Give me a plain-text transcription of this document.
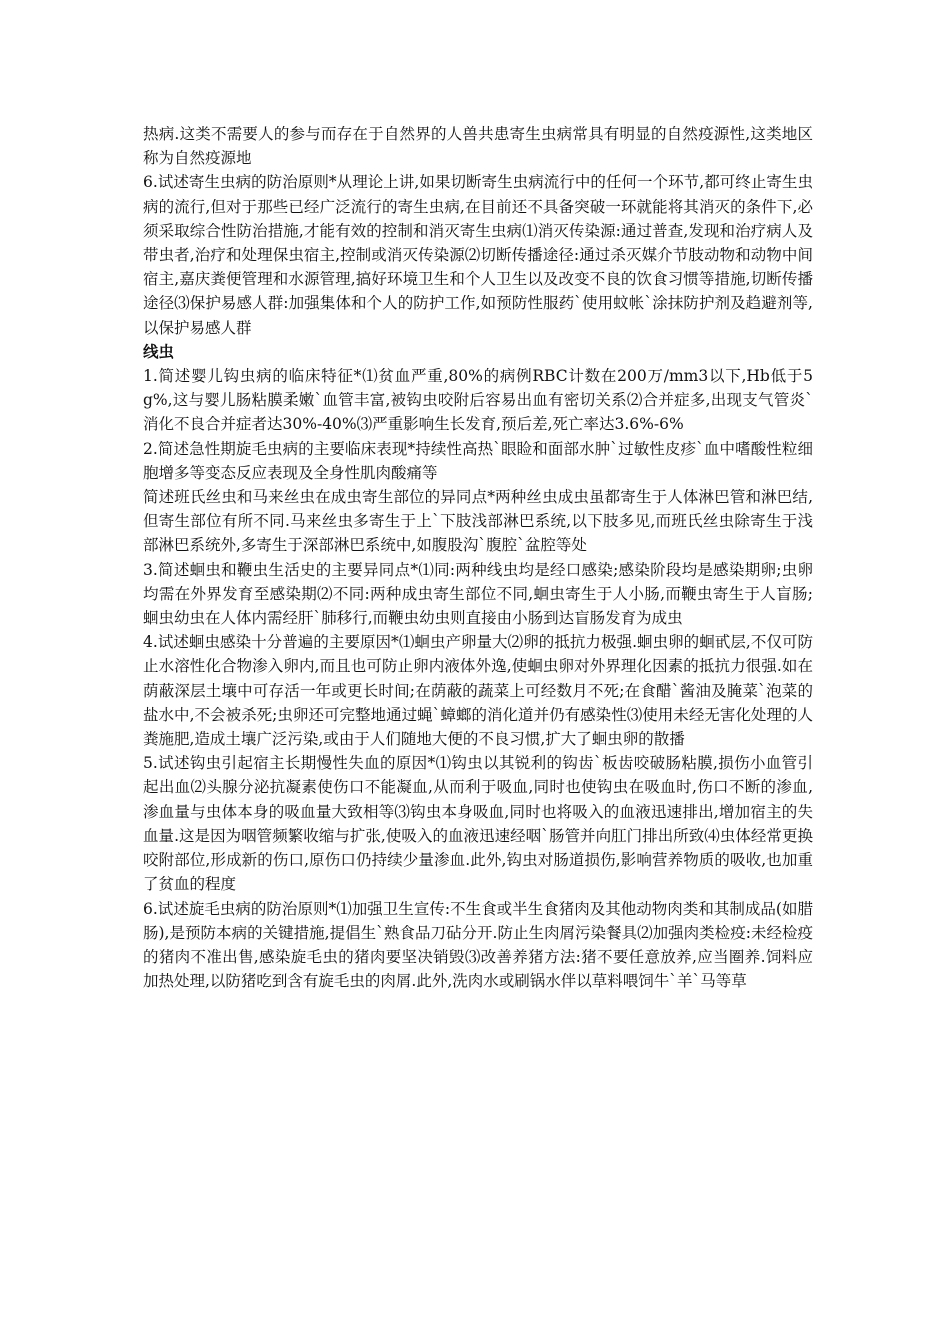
热病.这类不需要人的参与而存在于自然界的人兽共患寄生虫病常具有明显的自然疫源性,这类地区称为自然疫源地

6.试述寄生虫病的防治原则*从理论上讲,如果切断寄生虫病流行中的任何一个环节,都可终止寄生虫病的流行,但对于那些已经广泛流行的寄生虫病,在目前还不具备突破一环就能将其消灭的条件下,必须采取综合性防治措施,才能有效的控制和消灭寄生虫病⑴消灭传染源:通过普查,发现和治疗病人及带虫者,治疗和处理保虫宿主,控制或消灭传染源⑵切断传播途径:通过杀灭媒介节肢动物和动物中间宿主,嘉庆粪便管理和水源管理,搞好环境卫生和个人卫生以及改变不良的饮食习惯等措施,切断传播途径⑶保护易感人群:加强集体和个人的防护工作,如预防性服药`使用蚊帐`涂抹防护剂及趋避剂等,以保护易感人群

线虫

1.简述婴儿钩虫病的临床特征*⑴贫血严重,80%的病例RBC计数在200万/mm3以下,Hb低于5g%,这与婴儿肠粘膜柔嫩`血管丰富,被钩虫咬附后容易出血有密切关系⑵合并症多,出现支气管炎`消化不良合并症者达30%-40%⑶严重影响生长发育,预后差,死亡率达3.6%-6%

2.简述急性期旋毛虫病的主要临床表现*持续性高热`眼睑和面部水肿`过敏性皮疹`血中嗜酸性粒细胞增多等变态反应表现及全身性肌肉酸痛等

简述班氏丝虫和马来丝虫在成虫寄生部位的异同点*两种丝虫成虫虽都寄生于人体淋巴管和淋巴结,但寄生部位有所不同.马来丝虫多寄生于上`下肢浅部淋巴系统,以下肢多见,而班氏丝虫除寄生于浅部淋巴系统外,多寄生于深部淋巴系统中,如腹股沟`腹腔`盆腔等处

3.简述蛔虫和鞭虫生活史的主要异同点*⑴同:两种线虫均是经口感染;感染阶段均是感染期卵;虫卵均需在外界发育至感染期⑵不同:两种成虫寄生部位不同,蛔虫寄生于人小肠,而鞭虫寄生于人盲肠;蛔虫幼虫在人体内需经肝`肺移行,而鞭虫幼虫则直接由小肠到达盲肠发育为成虫

4.试述蛔虫感染十分普遍的主要原因*⑴蛔虫产卵量大⑵卵的抵抗力极强.蛔虫卵的蛔甙层,不仅可防止水溶性化合物渗入卵内,而且也可防止卵内液体外逸,使蛔虫卵对外界理化因素的抵抗力很强.如在荫蔽深层土壤中可存活一年或更长时间;在荫蔽的蔬菜上可经数月不死;在食醋`酱油及腌菜`泡菜的盐水中,不会被杀死;虫卵还可完整地通过蝇`蟑螂的消化道并仍有感染性⑶使用未经无害化处理的人粪施肥,造成土壤广泛污染,或由于人们随地大便的不良习惯,扩大了蛔虫卵的散播

5.试述钩虫引起宿主长期慢性失血的原因*⑴钩虫以其锐利的钩齿`板齿咬破肠粘膜,损伤小血管引起出血⑵头腺分泌抗凝素使伤口不能凝血,从而利于吸血,同时也使钩虫在吸血时,伤口不断的渗血,渗血量与虫体本身的吸血量大致相等⑶钩虫本身吸血,同时也将吸入的血液迅速排出,增加宿主的失血量.这是因为咽管频繁收缩与扩张,使吸入的血液迅速经咽`肠管并向肛门排出所致⑷虫体经常更换咬附部位,形成新的伤口,原伤口仍持续少量渗血.此外,钩虫对肠道损伤,影响营养物质的吸收,也加重了贫血的程度

6.试述旋毛虫病的防治原则*⑴加强卫生宣传:不生食或半生食猪肉及其他动物肉类和其制成品(如腊肠),是预防本病的关键措施,提倡生`熟食品刀砧分开.防止生肉屑污染餐具⑵加强肉类检疫:未经检疫的猪肉不准出售,感染旋毛虫的猪肉要坚决销毁⑶改善养猪方法:猪不要任意放养,应当圈养.饲料应加热处理,以防猪吃到含有旋毛虫的肉屑.此外,洗肉水或刷锅水伴以草料喂饲牛`羊`马等草
